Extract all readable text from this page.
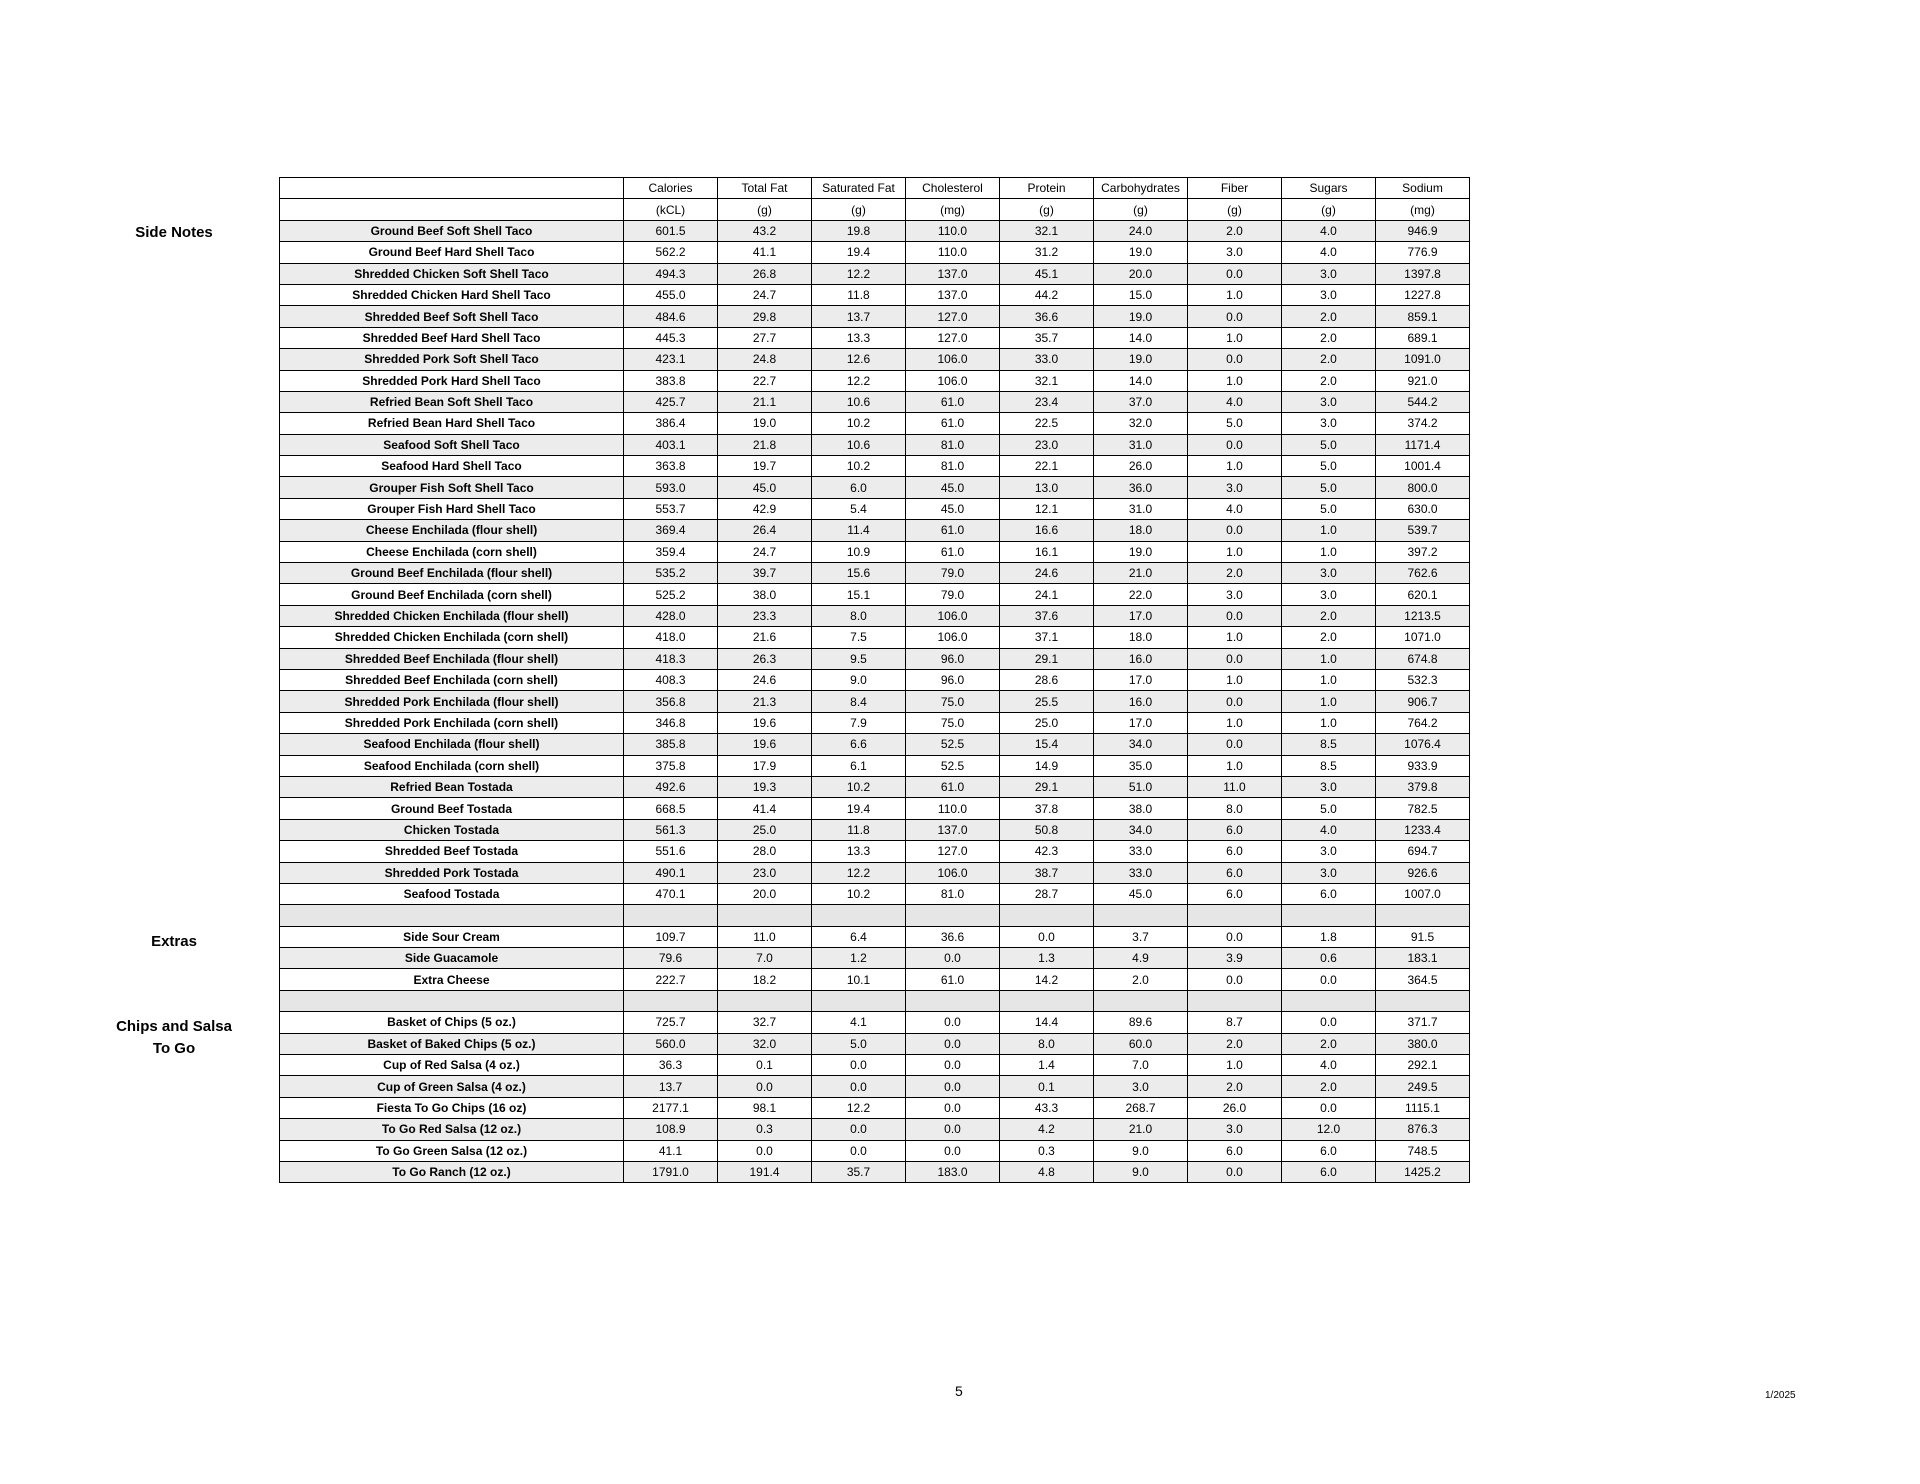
	Calories	Total Fat	Saturated Fat	Cholesterol	Protein	Carbohydrates	Fiber	Sugars	Sodium
	(kCL)	(g)	(g)	(mg)	(g)	(g)	(g)	(g)	(mg)
Ground Beef Soft Shell Taco	601.5	43.2	19.8	110.0	32.1	24.0	2.0	4.0	946.9
Ground Beef Hard Shell Taco	562.2	41.1	19.4	110.0	31.2	19.0	3.0	4.0	776.9
Shredded Chicken Soft Shell Taco	494.3	26.8	12.2	137.0	45.1	20.0	0.0	3.0	1397.8
Shredded Chicken Hard Shell Taco	455.0	24.7	11.8	137.0	44.2	15.0	1.0	3.0	1227.8
Shredded Beef Soft Shell Taco	484.6	29.8	13.7	127.0	36.6	19.0	0.0	2.0	859.1
Shredded Beef Hard Shell Taco	445.3	27.7	13.3	127.0	35.7	14.0	1.0	2.0	689.1
Shredded Pork Soft Shell Taco	423.1	24.8	12.6	106.0	33.0	19.0	0.0	2.0	1091.0
Shredded Pork Hard Shell Taco	383.8	22.7	12.2	106.0	32.1	14.0	1.0	2.0	921.0
Refried Bean Soft Shell Taco	425.7	21.1	10.6	61.0	23.4	37.0	4.0	3.0	544.2
Refried Bean Hard Shell Taco	386.4	19.0	10.2	61.0	22.5	32.0	5.0	3.0	374.2
Seafood Soft Shell Taco	403.1	21.8	10.6	81.0	23.0	31.0	0.0	5.0	1171.4
Seafood Hard Shell Taco	363.8	19.7	10.2	81.0	22.1	26.0	1.0	5.0	1001.4
Grouper Fish Soft Shell Taco	593.0	45.0	6.0	45.0	13.0	36.0	3.0	5.0	800.0
Grouper Fish Hard Shell Taco	553.7	42.9	5.4	45.0	12.1	31.0	4.0	5.0	630.0
Cheese Enchilada (flour shell)	369.4	26.4	11.4	61.0	16.6	18.0	0.0	1.0	539.7
Cheese Enchilada (corn shell)	359.4	24.7	10.9	61.0	16.1	19.0	1.0	1.0	397.2
Ground Beef Enchilada (flour shell)	535.2	39.7	15.6	79.0	24.6	21.0	2.0	3.0	762.6
Ground Beef Enchilada (corn shell)	525.2	38.0	15.1	79.0	24.1	22.0	3.0	3.0	620.1
Shredded Chicken Enchilada (flour shell)	428.0	23.3	8.0	106.0	37.6	17.0	0.0	2.0	1213.5
Shredded Chicken Enchilada (corn shell)	418.0	21.6	7.5	106.0	37.1	18.0	1.0	2.0	1071.0
Shredded Beef Enchilada (flour shell)	418.3	26.3	9.5	96.0	29.1	16.0	0.0	1.0	674.8
Shredded Beef Enchilada (corn shell)	408.3	24.6	9.0	96.0	28.6	17.0	1.0	1.0	532.3
Shredded Pork Enchilada (flour shell)	356.8	21.3	8.4	75.0	25.5	16.0	0.0	1.0	906.7
Shredded Pork Enchilada (corn shell)	346.8	19.6	7.9	75.0	25.0	17.0	1.0	1.0	764.2
Seafood Enchilada (flour shell)	385.8	19.6	6.6	52.5	15.4	34.0	0.0	8.5	1076.4
Seafood Enchilada (corn shell)	375.8	17.9	6.1	52.5	14.9	35.0	1.0	8.5	933.9
Refried Bean Tostada	492.6	19.3	10.2	61.0	29.1	51.0	11.0	3.0	379.8
Ground Beef Tostada	668.5	41.4	19.4	110.0	37.8	38.0	8.0	5.0	782.5
Chicken Tostada	561.3	25.0	11.8	137.0	50.8	34.0	6.0	4.0	1233.4
Shredded Beef Tostada	551.6	28.0	13.3	127.0	42.3	33.0	6.0	3.0	694.7
Shredded Pork Tostada	490.1	23.0	12.2	106.0	38.7	33.0	6.0	3.0	926.6
Seafood Tostada	470.1	20.0	10.2	81.0	28.7	45.0	6.0	6.0	1007.0

Side Sour Cream	109.7	11.0	6.4	36.6	0.0	3.7	0.0	1.8	91.5
Side Guacamole	79.6	7.0	1.2	0.0	1.3	4.9	3.9	0.6	183.1
Extra Cheese	222.7	18.2	10.1	61.0	14.2	2.0	0.0	0.0	364.5

Basket of Chips (5 oz.)	725.7	32.7	4.1	0.0	14.4	89.6	8.7	0.0	371.7
Basket of Baked Chips (5 oz.)	560.0	32.0	5.0	0.0	8.0	60.0	2.0	2.0	380.0
Cup of Red Salsa (4 oz.)	36.3	0.1	0.0	0.0	1.4	7.0	1.0	4.0	292.1
Cup of Green Salsa (4 oz.)	13.7	0.0	0.0	0.0	0.1	3.0	2.0	2.0	249.5
Fiesta To Go Chips (16 oz)	2177.1	98.1	12.2	0.0	43.3	268.7	26.0	0.0	1115.1
To Go Red Salsa (12 oz.)	108.9	0.3	0.0	0.0	4.2	21.0	3.0	12.0	876.3
To Go Green Salsa (12 oz.)	41.1	0.0	0.0	0.0	0.3	9.0	6.0	6.0	748.5
To Go Ranch (12 oz.)	1791.0	191.4	35.7	183.0	4.8	9.0	0.0	6.0	1425.2
Side Notes
Extras
Chips and Salsa
To Go
5	1/2025
